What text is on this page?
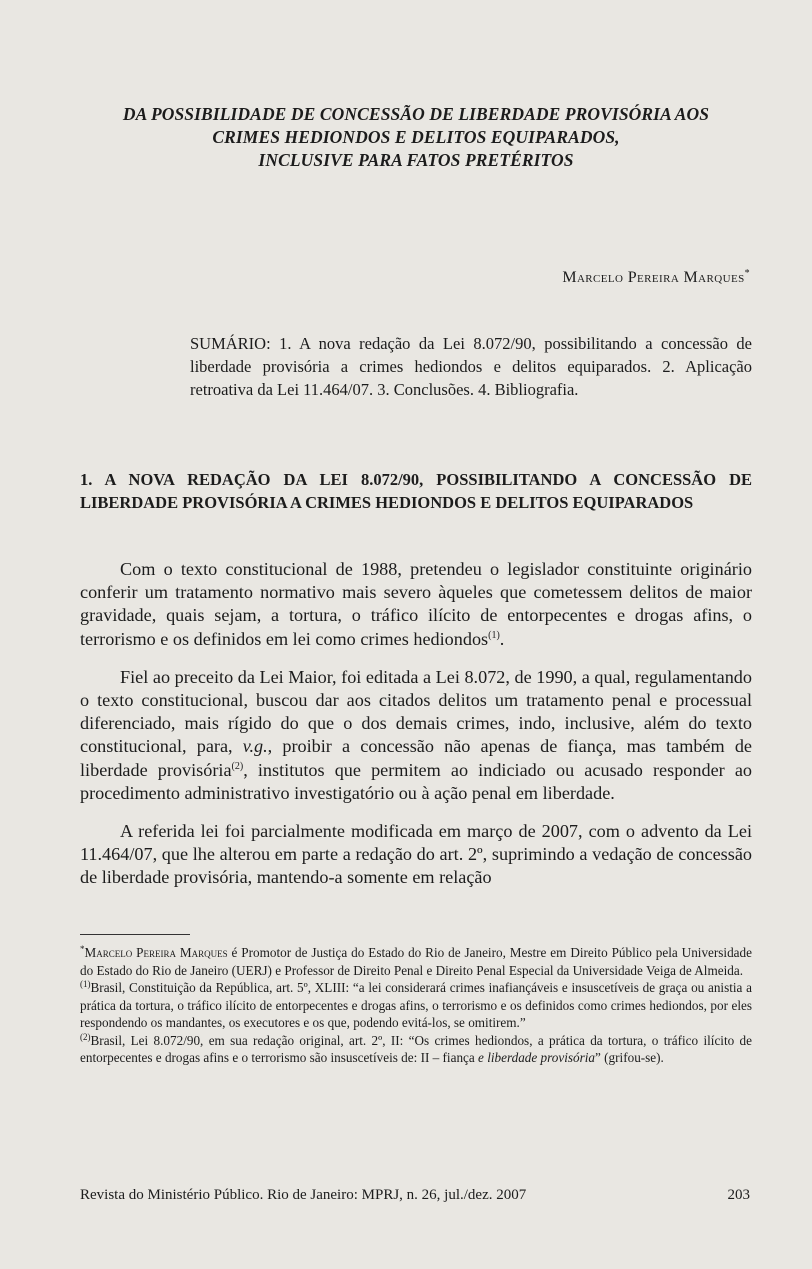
DA POSSIBILIDADE DE CONCESSÃO DE LIBERDADE PROVISÓRIA AOS
CRIMES HEDIONDOS E DELITOS EQUIPARADOS,
INCLUSIVE PARA FATOS PRETÉRITOS
Marcelo Pereira Marques*
SUMÁRIO: 1. A nova redação da Lei 8.072/90, possibilitando a concessão de liberdade provisória a crimes hediondos e delitos equiparados. 2. Aplicação retroativa da Lei 11.464/07. 3. Conclusões. 4. Bibliografia.
1. A NOVA REDAÇÃO DA LEI 8.072/90, POSSIBILITANDO A CONCESSÃO DE LIBERDADE PROVISÓRIA A CRIMES HEDIONDOS E DELITOS EQUIPARADOS

Com o texto constitucional de 1988, pretendeu o legislador constituinte originário conferir um tratamento normativo mais severo àqueles que cometessem delitos de maior gravidade, quais sejam, a tortura, o tráfico ilícito de entorpecentes e drogas afins, o terrorismo e os definidos em lei como crimes hediondos$^{(1)}$.

Fiel ao preceito da Lei Maior, foi editada a Lei 8.072, de 1990, a qual, regulamentando o texto constitucional, buscou dar aos citados delitos um tratamento penal e processual diferenciado, mais rígido do que o dos demais crimes, indo, inclusive, além do texto constitucional, para, v.g., proibir a concessão não apenas de fiança, mas também de liberdade provisória$^{(2)}$, institutos que permitem ao indiciado ou acusado responder ao procedimento administrativo investigatório ou à ação penal em liberdade.

A referida lei foi parcialmente modificada em março de 2007, com o advento da Lei 11.464/07, que lhe alterou em parte a redação do art. 2º, suprimindo a vedação de concessão de liberdade provisória, mantendo-a somente em relação

*Marcelo Pereira Marques é Promotor de Justiça do Estado do Rio de Janeiro, Mestre em Direito Público pela Universidade do Estado do Rio de Janeiro (UERJ) e Professor de Direito Penal e Direito Penal Especial da Universidade Veiga de Almeida.

$^{(1)}$Brasil, Constituição da República, art. 5º, XLIII: “a lei considerará crimes inafiançáveis e insuscetíveis de graça ou anistia a prática da tortura, o tráfico ilícito de entorpecentes e drogas afins, o terrorismo e os definidos como crimes hediondos, por eles respondendo os mandantes, os executores e os que, podendo evitá-los, se omitirem.”

$^{(2)}$Brasil, Lei 8.072/90, em sua redação original, art. 2º, II: “Os crimes hediondos, a prática da tortura, o tráfico ilícito de entorpecentes e drogas afins e o terrorismo são insuscetíveis de: II – fiança e liberdade provisória” (grifou-se).

Revista do Ministério Público. Rio de Janeiro: MPRJ, n. 26, jul./dez. 2007	203
